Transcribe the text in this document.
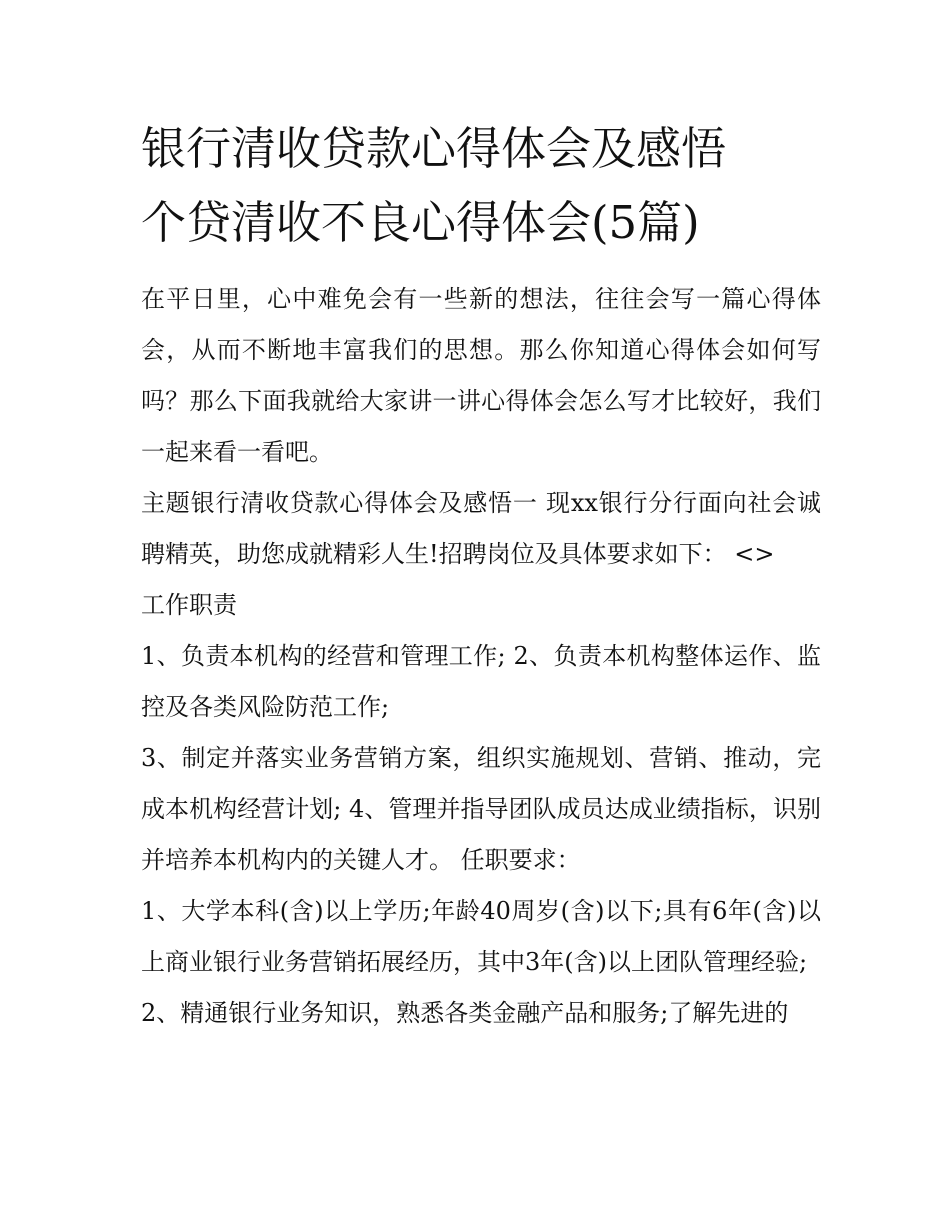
银行清收贷款心得体会及感悟
个贷清收不良心得体会(5篇)

在平日里，心中难免会有一些新的想法，往往会写一篇心得体会，从而不断地丰富我们的思想。那么你知道心得体会如何写吗？那么下面我就给大家讲一讲心得体会怎么写才比较好，我们一起来看一看吧。

主题银行清收贷款心得体会及感悟一 现xx银行分行面向社会诚聘精英，助您成就精彩人生!招聘岗位及具体要求如下： <>

工作职责

1、负责本机构的经营和管理工作; 2、负责本机构整体运作、监控及各类风险防范工作;

3、制定并落实业务营销方案，组织实施规划、营销、推动，完成本机构经营计划; 4、管理并指导团队成员达成业绩指标，识别并培养本机构内的关键人才。 任职要求：

1、大学本科(含)以上学历;年龄40周岁(含)以下;具有6年(含)以上商业银行业务营销拓展经历，其中3年(含)以上团队管理经验;

2、精通银行业务知识，熟悉各类金融产品和服务;了解先进的
